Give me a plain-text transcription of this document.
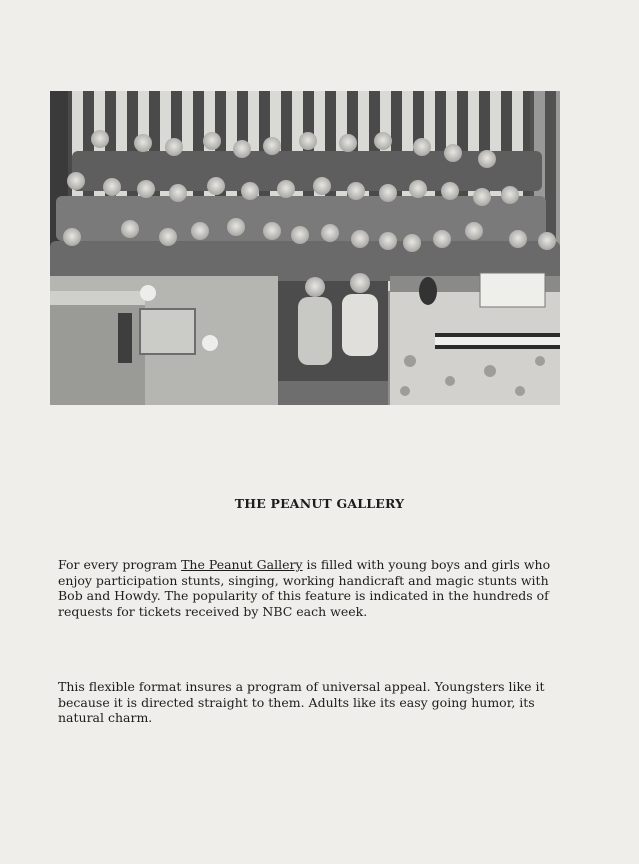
THE PEANUT GALLERY

For every program The Peanut Gallery is filled with young boys and girls who enjoy participation stunts, singing, working handicraft and magic stunts with Bob and Howdy. The popularity of this feature is indicated in the hundreds of requests for tickets received by NBC each week.

This flexible format insures a program of universal appeal. Youngsters like it because it is directed straight to them. Adults like its easy going humor, its natural charm.
